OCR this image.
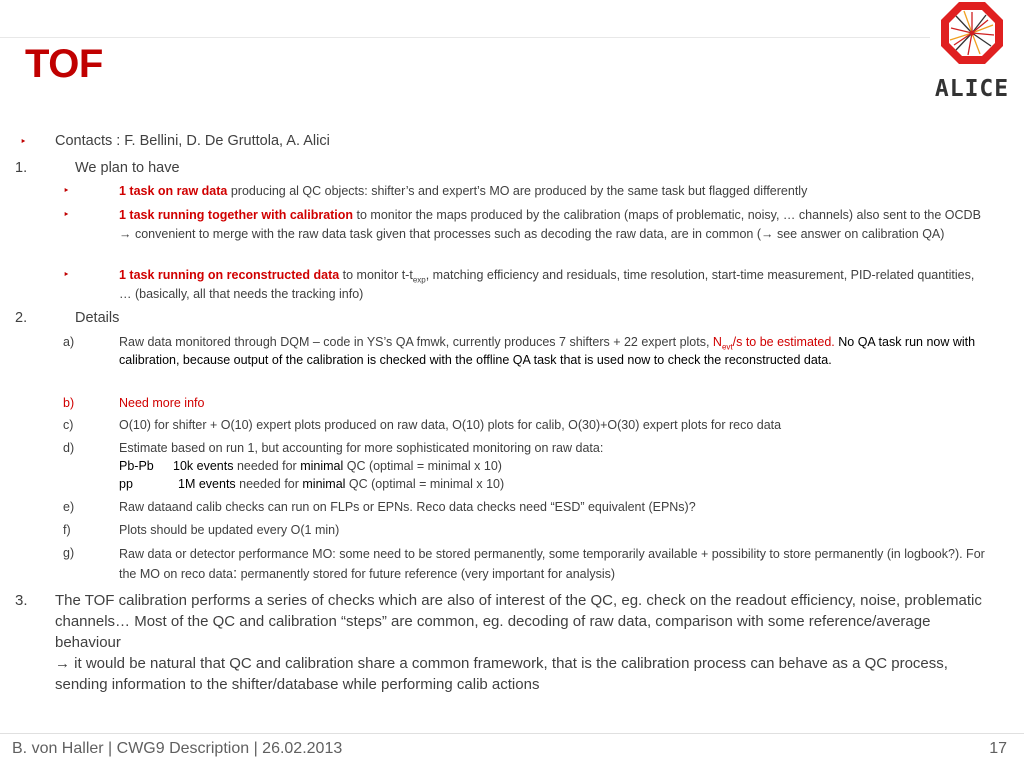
TOF
ALICE
‣ Contacts : F. Bellini, D. De Gruttola, A. Alici
1.	We plan to have
‣	1 task on raw data producing al QC objects: shifter’s and expert’s MO are produced by the same task but flagged differently
‣	1 task running together with calibration to monitor the maps produced by the calibration (maps of problematic, noisy, … channels) also sent to the OCDB → convenient to merge with the raw data task given that processes such as decoding the raw data, are in common (→ see answer on calibration QA)
‣	1 task running on reconstructed data to monitor $t-t_{exp}$, matching efficiency and residuals, time resolution, start-time measurement, PID-related quantities, … (basically, all that needs the tracking info)
2.	Details
a)	Raw data monitored through DQM – code in YS’s QA fmwk, currently produces 7 shifters + 22 expert plots, $N_{evt}/s$ to be estimated. No QA task run now with calibration, because output of the calibration is checked with the offline QA task that is used now to check the reconstructed data.
b)	Need more info
c)	O(10) for shifter + O(10) expert plots produced on raw data, O(10) plots for calib, O(30)+O(30) expert plots for reco data
d)	Estimate based on run 1, but accounting for more sophisticated monitoring on raw data:
Pb-Pb 10k events needed for minimal QC (optimal = minimal x 10)
pp	1M events needed for minimal QC (optimal = minimal x 10)
e)	Raw dataand calib checks can run on FLPs or EPNs. Reco data checks need “ESD” equivalent (EPNs)?
f)	Plots should be updated every O(1 min)
g)	Raw data or detector performance MO: some need to be stored permanently, some temporarily available + possibility to store permanently (in logbook?). For the MO on reco data: permanently stored for future reference (very important for analysis)
3. The TOF calibration performs a series of checks which are also of interest of the QC, eg. check on the readout efficiency, noise, problematic channels… Most of the QC and calibration “steps” are common, eg. decoding of raw data, comparison with some reference/average behaviour
→ it would be natural that QC and calibration share a common framework, that is the calibration process can behave as a QC process, sending information to the shifter/database while performing calib actions
B. von Haller | CWG9 Description | 26.02.2013	17
